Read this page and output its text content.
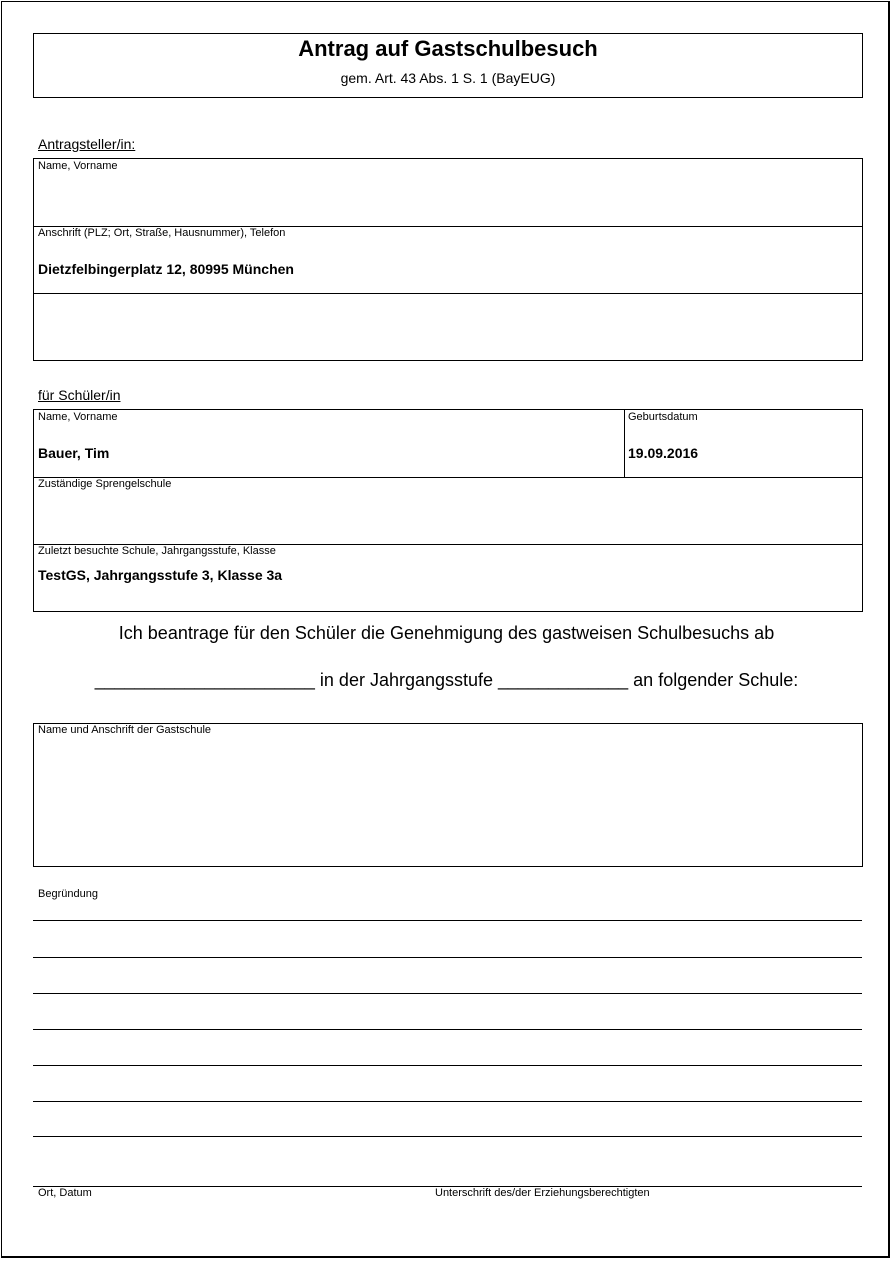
Antrag auf Gastschulbesuch
gem. Art. 43 Abs. 1 S. 1 (BayEUG)
Antragsteller/in:
Name, Vorname
Anschrift (PLZ; Ort, Straße, Hausnummer), Telefon
Dietzfelbingerplatz 12, 80995 München
für Schüler/in
Name, Vorname
Bauer, Tim
Geburtsdatum
19.09.2016
Zuständige Sprengelschule
Zuletzt besuchte Schule, Jahrgangsstufe, Klasse
TestGS, Jahrgangsstufe 3, Klasse 3a
Ich beantrage für den Schüler die Genehmigung des gastweisen Schulbesuchs ab
______________________ in der Jahrgangsstufe _____________ an folgender Schule:
Name und Anschrift der Gastschule
Begründung
Ort, Datum	Unterschrift des/der Erziehungsberechtigten
